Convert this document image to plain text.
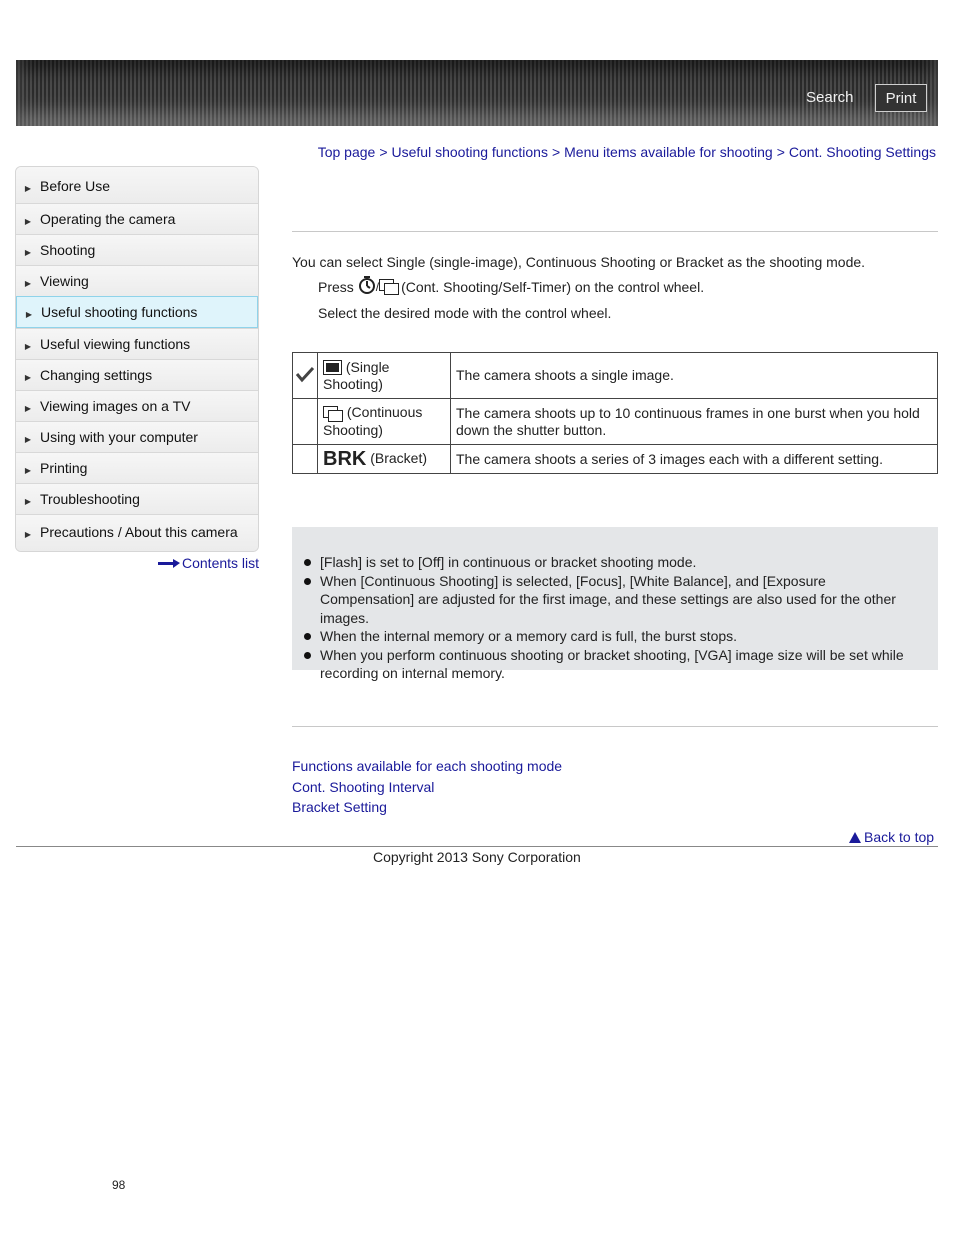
Search	Print
Top page > Useful shooting functions > Menu items available for shooting > Cont. Shooting Settings
▶ Before Use
▶ Operating the camera
▶ Shooting
▶ Viewing
▶ Useful shooting functions
▶ Useful viewing functions
▶ Changing settings
▶ Viewing images on a TV
▶ Using with your computer
▶ Printing
▶ Troubleshooting
▶ Precautions / About this camera
Contents list
You can select Single (single-image), Continuous Shooting or Bracket as the shooting mode.
Press / (Cont. Shooting/Self-Timer) on the control wheel.
Select the desired mode with the control wheel.
	(Single
Shooting)	The camera shoots a single image.
	(Continuous
Shooting)	The camera shoots up to 10 continuous frames in one burst when you hold down the shutter button.
	BRK (Bracket)	The camera shoots a series of 3 images each with a different setting.
[Flash] is set to [Off] in continuous or bracket shooting mode.
When [Continuous Shooting] is selected, [Focus], [White Balance], and [Exposure Compensation] are adjusted for the first image, and these settings are also used for the other images.
When the internal memory or a memory card is full, the burst stops.
When you perform continuous shooting or bracket shooting, [VGA] image size will be set while recording on internal memory.
Functions available for each shooting mode
Cont. Shooting Interval
Bracket Setting
Back to top
Copyright 2013 Sony Corporation
98
